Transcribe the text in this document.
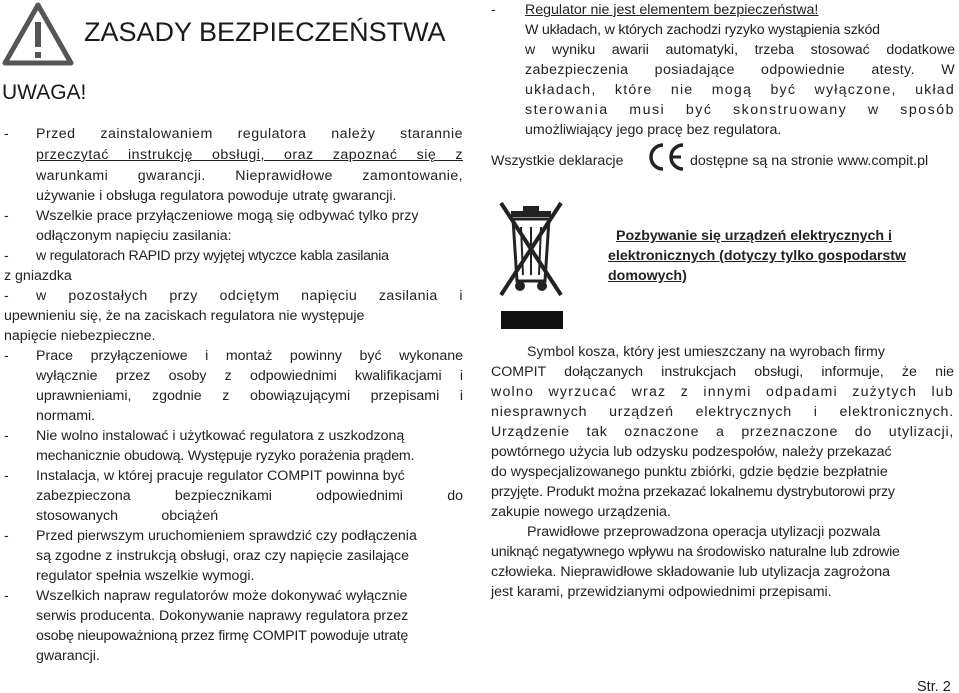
ZASADY BEZPIECZEŃSTWA
UWAGA!
- Przed zainstalowaniem regulatora należy starannie
przeczytać instrukcję obsługi, oraz zapoznać się z
warunkami gwarancji. Nieprawidłowe zamontowanie,
używanie i obsługa regulatora powoduje utratę gwarancji.
- Wszelkie prace przyłączeniowe mogą się odbywać tylko przy
odłączonym napięciu zasilania:
- w regulatorach RAPID przy wyjętej wtyczce kabla zasilania
z gniazdka
- w pozostałych przy odciętym napięciu zasilania i
upewnieniu się, że na zaciskach regulatora nie występuje
napięcie niebezpieczne.
- Prace przyłączeniowe i montaż powinny być wykonane
wyłącznie przez osoby z odpowiednimi kwalifikacjami i
uprawnieniami, zgodnie z obowiązującymi przepisami i
normami.
- Nie wolno instalować i użytkować regulatora z uszkodzoną
mechanicznie obudową. Występuje ryzyko porażenia prądem.
- Instalacja, w której pracuje regulator COMPIT powinna być
zabezpieczona bezpiecznikami odpowiednimi do
stosowanych           obciążeń
- Przed pierwszym uruchomieniem sprawdzić czy podłączenia
są zgodne z instrukcją obsługi, oraz czy napięcie zasilające
regulator spełnia wszelkie wymogi.
- Wszelkich napraw regulatorów może dokonywać wyłącznie
serwis producenta. Dokonywanie naprawy regulatora przez
osobę nieupoważnioną przez firmę COMPIT powoduje utratę
gwarancji.
- Regulator nie jest elementem bezpieczeństwa!
W układach, w których zachodzi ryzyko wystąpienia szkód
w wyniku awarii automatyki, trzeba stosować dodatkowe
zabezpieczenia posiadające odpowiednie atesty. W
układach, które nie mogą być wyłączone, układ
sterowania musi być skonstruowany w sposób
umożliwiający jego pracę bez regulatora.
Wszystkie deklaracje	dostępne są na stronie www.compit.pl
Pozbywanie się urządzeń elektrycznych i
elektronicznych (dotyczy tylko gospodarstw
domowych)
Symbol kosza, który jest umieszczany na wyrobach firmy
COMPIT dołączanych instrukcjach obsługi, informuje, że nie
wolno wyrzucać wraz z innymi odpadami zużytych lub
niesprawnych urządzeń elektrycznych i elektronicznych.
Urządzenie tak oznaczone a przeznaczone do utylizacji,
powtórnego użycia lub odzysku podzespołów, należy przekazać
do wyspecjalizowanego punktu zbiórki, gdzie będzie bezpłatnie
przyjęte. Produkt można przekazać lokalnemu dystrybutorowi przy
zakupie nowego urządzenia.
Prawidłowe przeprowadzona operacja utylizacji pozwala
uniknąć negatywnego wpływu na środowisko naturalne lub zdrowie
człowieka. Nieprawidłowe składowanie lub utylizacja zagrożona
jest karami, przewidzianymi odpowiednimi przepisami.
Str. 2
